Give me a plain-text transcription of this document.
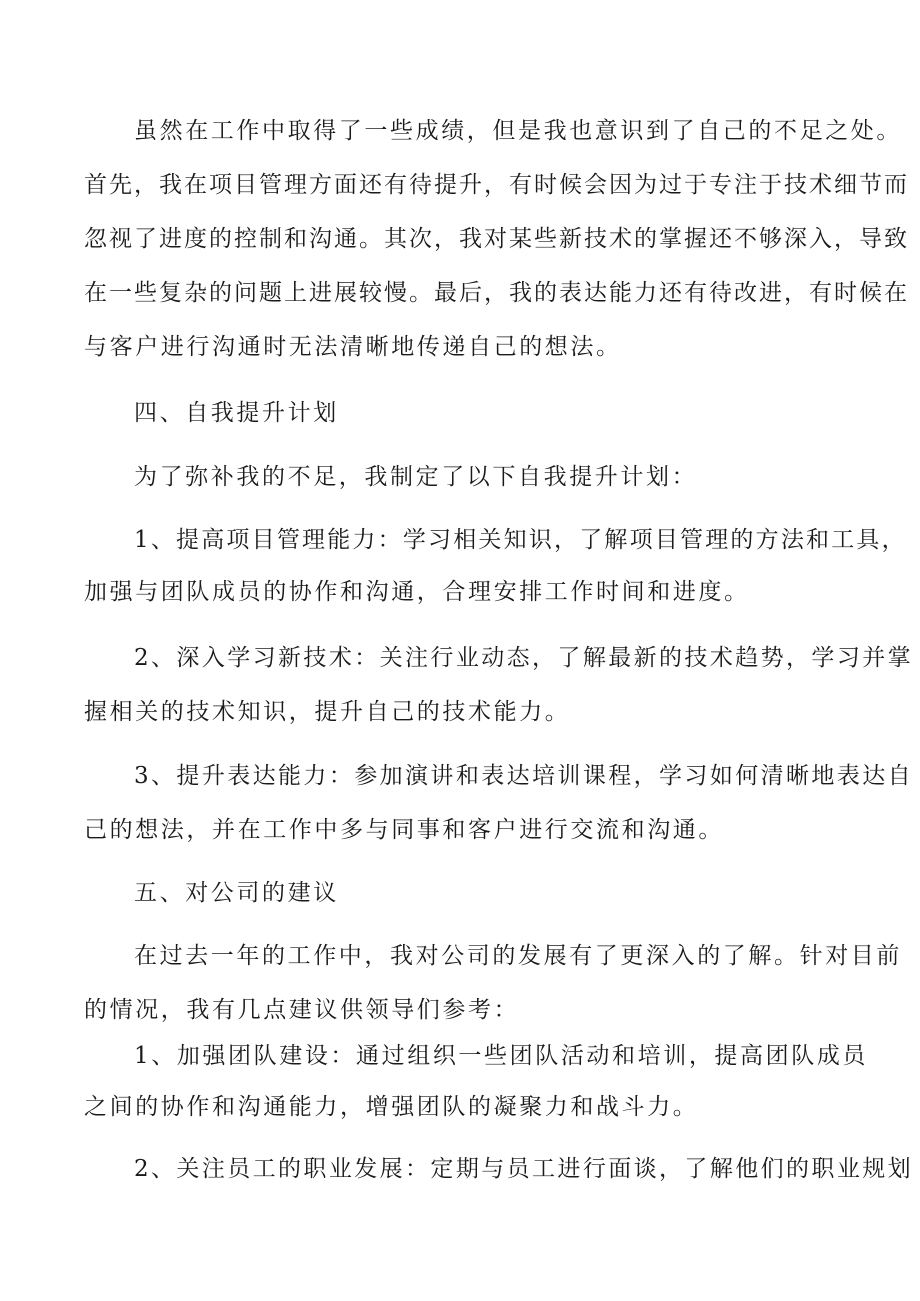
虽然在工作中取得了一些成绩，但是我也意识到了自己的不足之处。
首先，我在项目管理方面还有待提升，有时候会因为过于专注于技术细节而
忽视了进度的控制和沟通。其次，我对某些新技术的掌握还不够深入，导致
在一些复杂的问题上进展较慢。最后，我的表达能力还有待改进，有时候在
与客户进行沟通时无法清晰地传递自己的想法。
四、自我提升计划
为了弥补我的不足，我制定了以下自我提升计划：
1、提高项目管理能力：学习相关知识，了解项目管理的方法和工具，
加强与团队成员的协作和沟通，合理安排工作时间和进度。
2、深入学习新技术：关注行业动态，了解最新的技术趋势，学习并掌
握相关的技术知识，提升自己的技术能力。
3、提升表达能力：参加演讲和表达培训课程，学习如何清晰地表达自
己的想法，并在工作中多与同事和客户进行交流和沟通。
五、对公司的建议
在过去一年的工作中，我对公司的发展有了更深入的了解。针对目前
的情况，我有几点建议供领导们参考：
1、加强团队建设：通过组织一些团队活动和培训，提高团队成员
之间的协作和沟通能力，增强团队的凝聚力和战斗力。
2、关注员工的职业发展：定期与员工进行面谈，了解他们的职业规划
